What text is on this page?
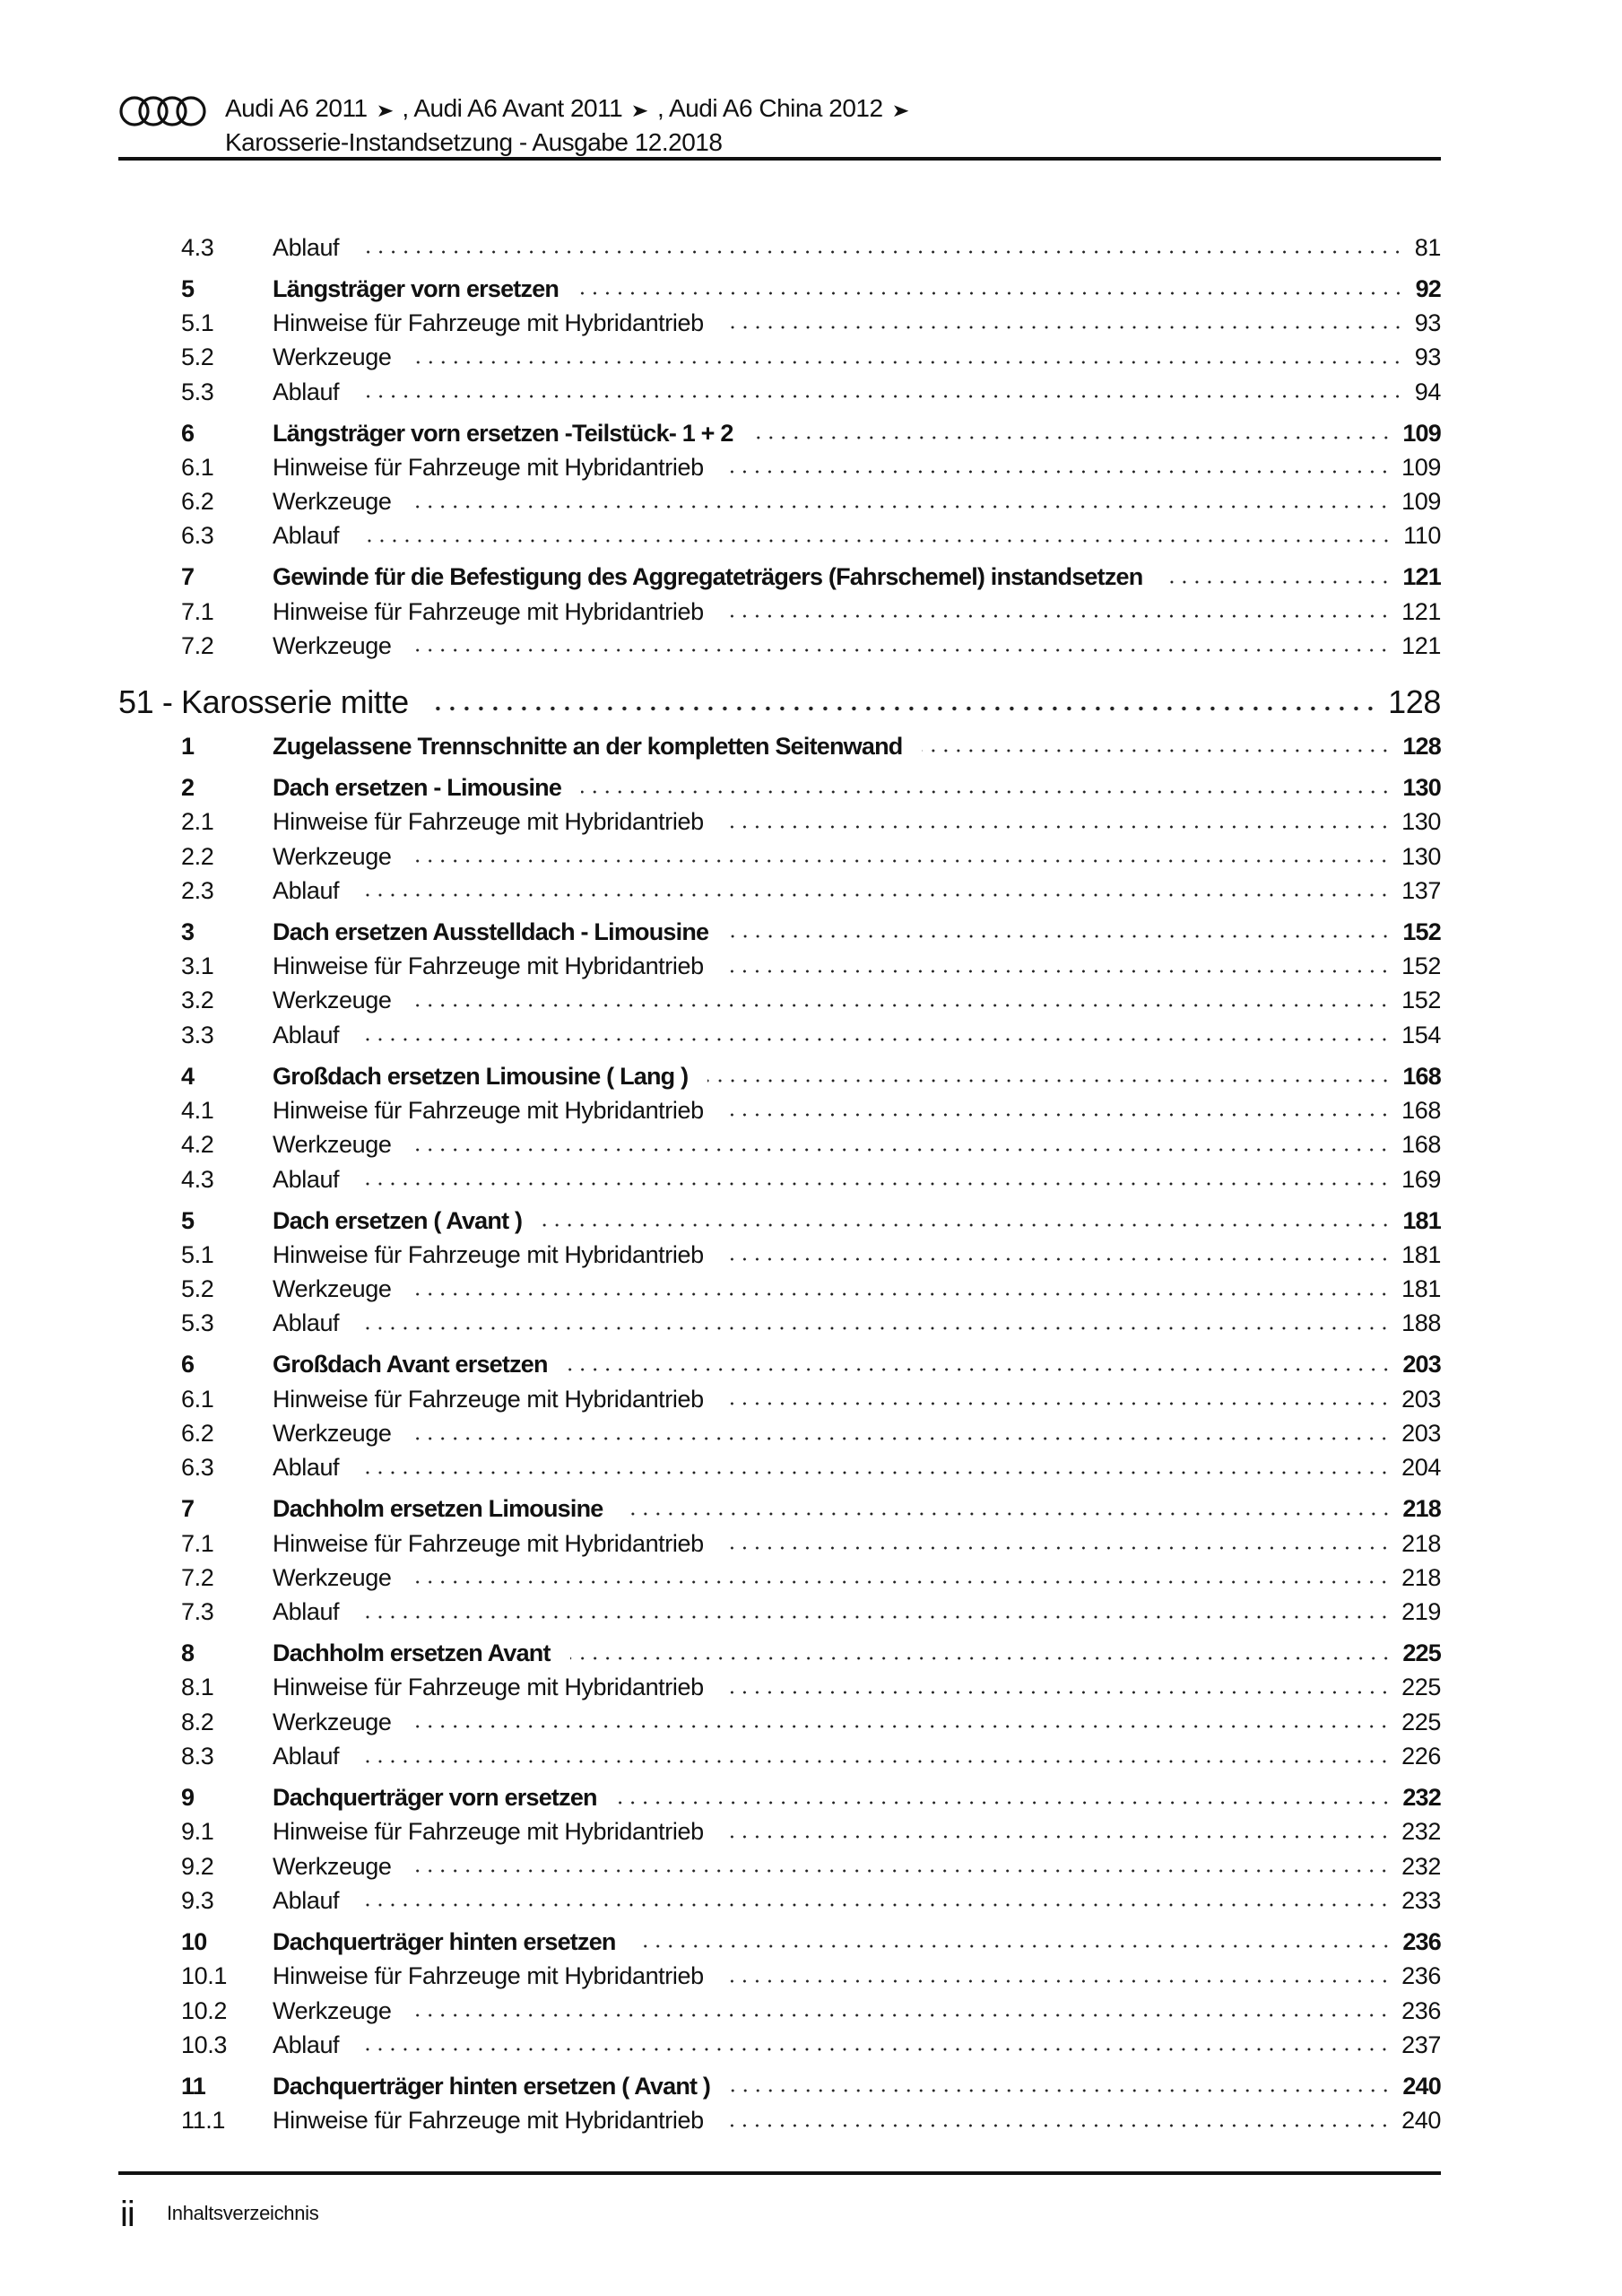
Audi A6 2011 ➤ , Audi A6 Avant 2011 ➤ , Audi A6 China 2012 ➤
Karosserie-Instandsetzung - Ausgabe 12.2018
4.3	Ablauf	81
5	Längsträger vorn ersetzen	92
5.1	Hinweise für Fahrzeuge mit Hybridantrieb	93
5.2	Werkzeuge	93
5.3	Ablauf	94
6	Längsträger vorn ersetzen -Teilstück- 1 + 2	109
6.1	Hinweise für Fahrzeuge mit Hybridantrieb	109
6.2	Werkzeuge	109
6.3	Ablauf	110
7	Gewinde für die Befestigung des Aggregateträgers (Fahrschemel) instandsetzen	121
7.1	Hinweise für Fahrzeuge mit Hybridantrieb	121
7.2	Werkzeuge	121
51 - Karosserie mitte	128
1	Zugelassene Trennschnitte an der kompletten Seitenwand	128
2	Dach ersetzen - Limousine	130
2.1	Hinweise für Fahrzeuge mit Hybridantrieb	130
2.2	Werkzeuge	130
2.3	Ablauf	137
3	Dach ersetzen Ausstelldach - Limousine	152
3.1	Hinweise für Fahrzeuge mit Hybridantrieb	152
3.2	Werkzeuge	152
3.3	Ablauf	154
4	Großdach ersetzen Limousine ( Lang )	168
4.1	Hinweise für Fahrzeuge mit Hybridantrieb	168
4.2	Werkzeuge	168
4.3	Ablauf	169
5	Dach ersetzen ( Avant )	181
5.1	Hinweise für Fahrzeuge mit Hybridantrieb	181
5.2	Werkzeuge	181
5.3	Ablauf	188
6	Großdach Avant ersetzen	203
6.1	Hinweise für Fahrzeuge mit Hybridantrieb	203
6.2	Werkzeuge	203
6.3	Ablauf	204
7	Dachholm ersetzen Limousine	218
7.1	Hinweise für Fahrzeuge mit Hybridantrieb	218
7.2	Werkzeuge	218
7.3	Ablauf	219
8	Dachholm ersetzen Avant	225
8.1	Hinweise für Fahrzeuge mit Hybridantrieb	225
8.2	Werkzeuge	225
8.3	Ablauf	226
9	Dachquerträger vorn ersetzen	232
9.1	Hinweise für Fahrzeuge mit Hybridantrieb	232
9.2	Werkzeuge	232
9.3	Ablauf	233
10	Dachquerträger hinten ersetzen	236
10.1	Hinweise für Fahrzeuge mit Hybridantrieb	236
10.2	Werkzeuge	236
10.3	Ablauf	237
11	Dachquerträger hinten ersetzen ( Avant )	240
11.1	Hinweise für Fahrzeuge mit Hybridantrieb	240
ii Inhaltsverzeichnis
